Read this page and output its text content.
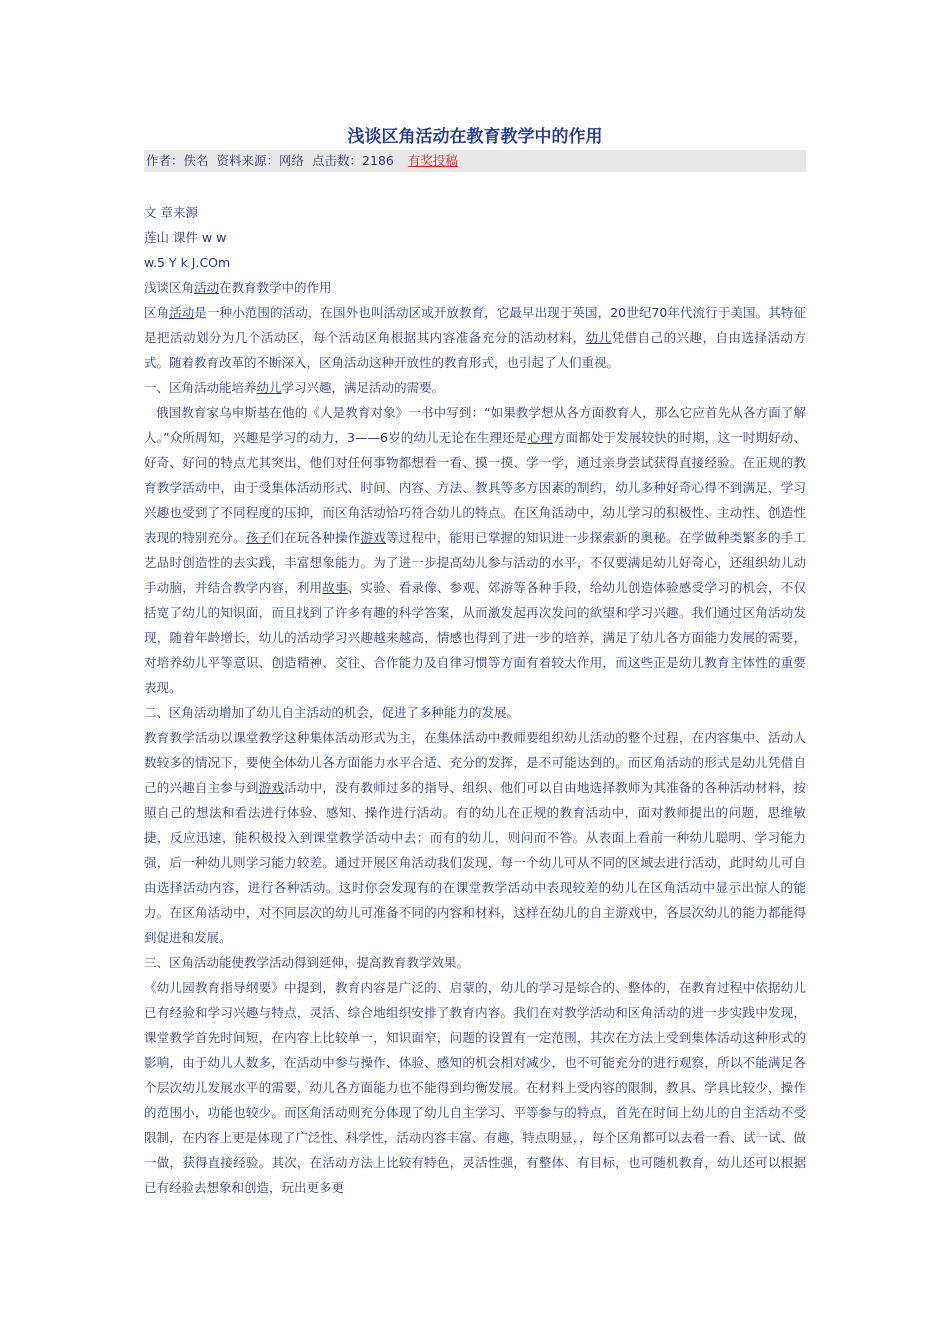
浅谈区角活动在教育教学中的作用
作者：佚名 资料来源：网络 点击数：2186 有奖投稿
文 章来源
莲山 课件 w w
w.5 Y k J.COm
浅谈区角活动在教育教学中的作用

区角活动是一种小范围的活动，在国外也叫活动区或开放教育，它最早出现于英国，20世纪70年代流行于美国。其特征是把活动划分为几个活动区，每个活动区角根据其内容准备充分的活动材料，幼儿凭借自己的兴趣，自由选择活动方式。随着教育改革的不断深入，区角活动这种开放性的教育形式，也引起了人们重视。

一、区角活动能培养幼儿学习兴趣，满足活动的需要。

俄国教育家乌申斯基在他的《人是教育对象》一书中写到：“如果教学想从各方面教育人，那么它应首先从各方面了解人。”众所周知，兴趣是学习的动力，3——6岁的幼儿无论在生理还是心理方面都处于发展较快的时期，这一时期好动、好奇、好问的特点尤其突出，他们对任何事物都想看一看、摸一摸、学一学，通过亲身尝试获得直接经验。在正规的教育教学活动中，由于受集体活动形式、时间、内容、方法、教具等多方因素的制约，幼儿多种好奇心得不到满足，学习兴趣也受到了不同程度的压抑，而区角活动恰巧符合幼儿的特点。在区角活动中，幼儿学习的积极性、主动性、创造性表现的特别充分。孩子们在玩各种操作游戏等过程中，能用已掌握的知识进一步探索新的奥秘。在学做种类繁多的手工艺品时创造性的去实践，丰富想象能力。为了进一步提高幼儿参与活动的水平，不仅要满足幼儿好奇心，还组织幼儿动手动脑，并结合教学内容，利用故事、实验、看录像、参观、郊游等各种手段，给幼儿创造体验感受学习的机会，不仅括宽了幼儿的知识面，而且找到了许多有趣的科学答案，从而激发起再次发问的欲望和学习兴趣。我们通过区角活动发现，随着年龄增长，幼儿的活动学习兴趣越来越高，情感也得到了进一步的培养，满足了幼儿各方面能力发展的需要，对培养幼儿平等意识、创造精神、交往、合作能力及自律习惯等方面有着较大作用，而这些正是幼儿教育主体性的重要表现。

二、区角活动增加了幼儿自主活动的机会，促进了多种能力的发展。

教育教学活动以课堂教学这种集体活动形式为主，在集体活动中教师要组织幼儿活动的整个过程，在内容集中、活动人数较多的情况下，要使全体幼儿各方面能力水平合适、充分的发挥，是不可能达到的。而区角活动的形式是幼儿凭借自己的兴趣自主参与到游戏活动中，没有教师过多的指导、组织、他们可以自由地选择教师为其准备的各种活动材料，按照自己的想法和看法进行体验、感知、操作进行活动。有的幼儿在正规的教育活动中，面对教师提出的问题，思维敏捷，反应迅速，能积极投入到课堂教学活动中去；而有的幼儿，则问而不答。从表面上看前一种幼儿聪明、学习能力强，后一种幼儿则学习能力较差。通过开展区角活动我们发现，每一个幼儿可从不同的区域去进行活动，此时幼儿可自由选择活动内容，进行各种活动。这时你会发现有的在课堂教学活动中表现较差的幼儿在区角活动中显示出惊人的能力。在区角活动中，对不同层次的幼儿可准备不同的内容和材料，这样在幼儿的自主游戏中，各层次幼儿的能力都能得到促进和发展。

三、区角活动能使教学活动得到延伸，提高教育教学效果。

《幼儿园教育指导纲要》中提到，教育内容是广泛的、启蒙的，幼儿的学习是综合的、整体的，在教育过程中依据幼儿已有经验和学习兴趣与特点，灵活、综合地组织安排了教育内容。我们在对教学活动和区角活动的进一步实践中发现，课堂教学首先时间短，在内容上比较单一，知识面窄，问题的设置有一定范围，其次在方法上受到集体活动这种形式的影响，由于幼儿人数多，在活动中参与操作、体验、感知的机会相对减少，也不可能充分的进行观察，所以不能满足各个层次幼儿发展水平的需要，幼儿各方面能力也不能得到均衡发展。在材料上受内容的限制，教具、学具比较少，操作的范围小，功能也较少。而区角活动则充分体现了幼儿自主学习、平等参与的特点，首先在时间上幼儿的自主活动不受限制，在内容上更是体现了广泛性、科学性，活动内容丰富、有趣，特点明显，，每个区角都可以去看一看、试一试、做一做，获得直接经验。其次，在活动方法上比较有特色，灵活性强，有整体、有目标，也可随机教育，幼儿还可以根据已有经验去想象和创造，玩出更多更
